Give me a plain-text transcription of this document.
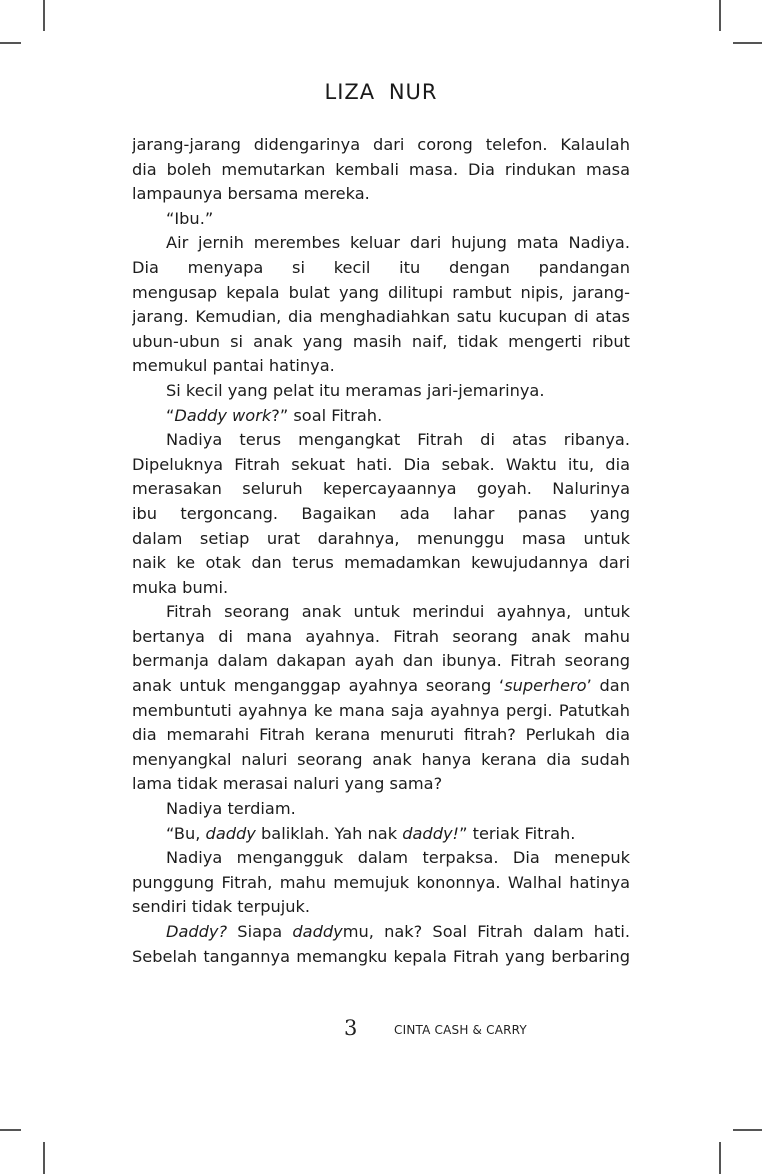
LIZA NUR
jarang-jarang didengarinya dari corong telefon. Kalaulah
dia boleh memutarkan kembali masa. Dia rindukan masa
lampaunya bersama mereka.
“Ibu.”
Air jernih merembes keluar dari hujung mata Nadiya.
Dia menyapa si kecil itu dengan pandangan
mengusap kepala bulat yang dilitupi rambut nipis, jarang-
jarang. Kemudian, dia menghadiahkan satu kucupan di atas
ubun-ubun si anak yang masih naif, tidak mengerti ribut
memukul pantai hatinya.
Si kecil yang pelat itu meramas jari-jemarinya.
“Daddy work?” soal Fitrah.
Nadiya terus mengangkat Fitrah di atas ribanya.
Dipeluknya Fitrah sekuat hati. Dia sebak. Waktu itu, dia
merasakan seluruh kepercayaannya goyah. Nalurinya
ibu tergoncang. Bagaikan ada lahar panas yang
dalam setiap urat darahnya, menunggu masa untuk
naik ke otak dan terus memadamkan kewujudannya dari
muka bumi.
Fitrah seorang anak untuk merindui ayahnya, untuk
bertanya di mana ayahnya. Fitrah seorang anak mahu
bermanja dalam dakapan ayah dan ibunya. Fitrah seorang
anak untuk menganggap ayahnya seorang ‘superhero’ dan
membuntuti ayahnya ke mana saja ayahnya pergi. Patutkah
dia memarahi Fitrah kerana menuruti fitrah? Perlukah dia
menyangkal naluri seorang anak hanya kerana dia sudah
lama tidak merasai naluri yang sama?
Nadiya terdiam.
“Bu, daddy baliklah. Yah nak daddy!” teriak Fitrah.
Nadiya mengangguk dalam terpaksa. Dia menepuk
punggung Fitrah, mahu memujuk kononnya. Walhal hatinya
sendiri tidak terpujuk.
Daddy? Siapa daddymu, nak? Soal Fitrah dalam hati.
Sebelah tangannya memangku kepala Fitrah yang berbaring
3	CINTA CASH & CARRY
